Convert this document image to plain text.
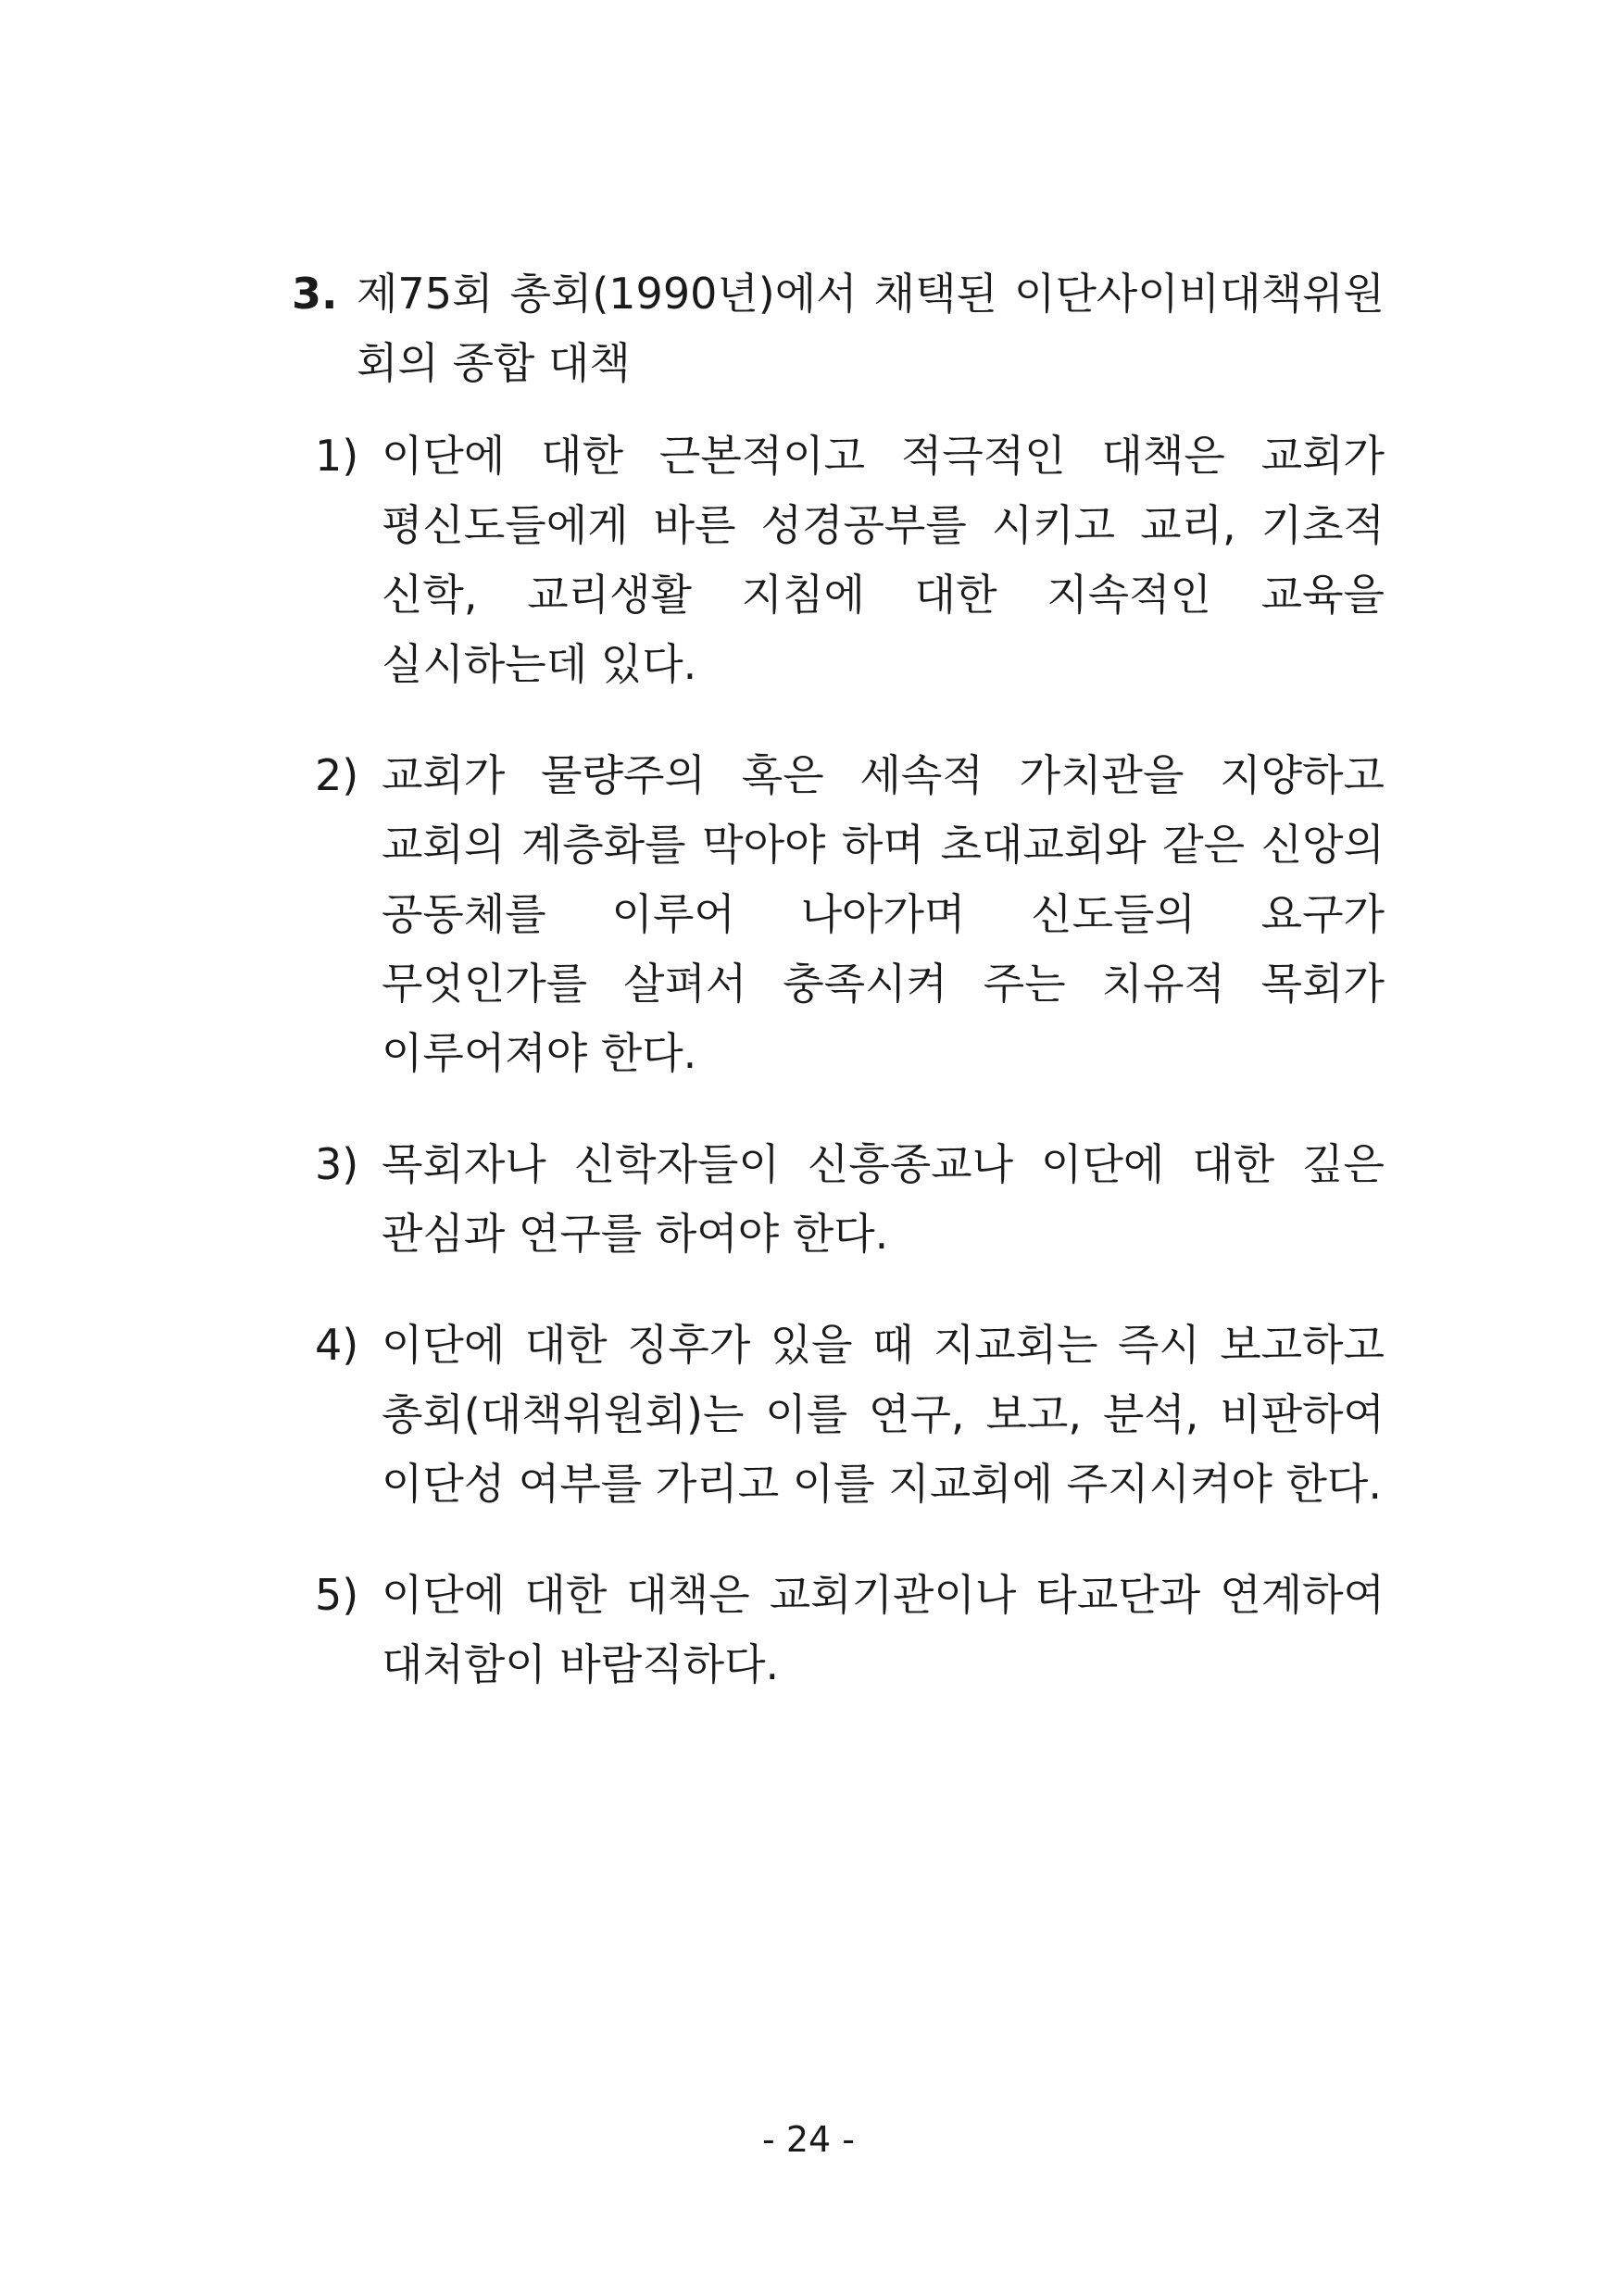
3. 제75회 총회(1990년)에서 채택된 이단사이비대책위원회의 종합 대책
1) 이단에 대한 근본적이고 적극적인 대책은 교회가 평신도들에게 바른 성경공부를 시키고 교리, 기초적 신학, 교리생활 지침에 대한 지속적인 교육을 실시하는데 있다.
2) 교회가 물량주의 혹은 세속적 가치관을 지양하고 교회의 계층화를 막아야 하며 초대교회와 같은 신앙의 공동체를 이루어 나아가며 신도들의 요구가 무엇인가를 살펴서 충족시켜 주는 치유적 목회가 이루어져야 한다.
3) 목회자나 신학자들이 신흥종교나 이단에 대한 깊은 관심과 연구를 하여야 한다.
4) 이단에 대한 징후가 있을 때 지교회는 즉시 보고하고 총회(대책위원회)는 이를 연구, 보고, 분석, 비판하여 이단성 여부를 가리고 이를 지교회에 주지시켜야 한다.
5) 이단에 대한 대책은 교회기관이나 타교단과 연계하여 대처함이 바람직하다.
- 24 -
